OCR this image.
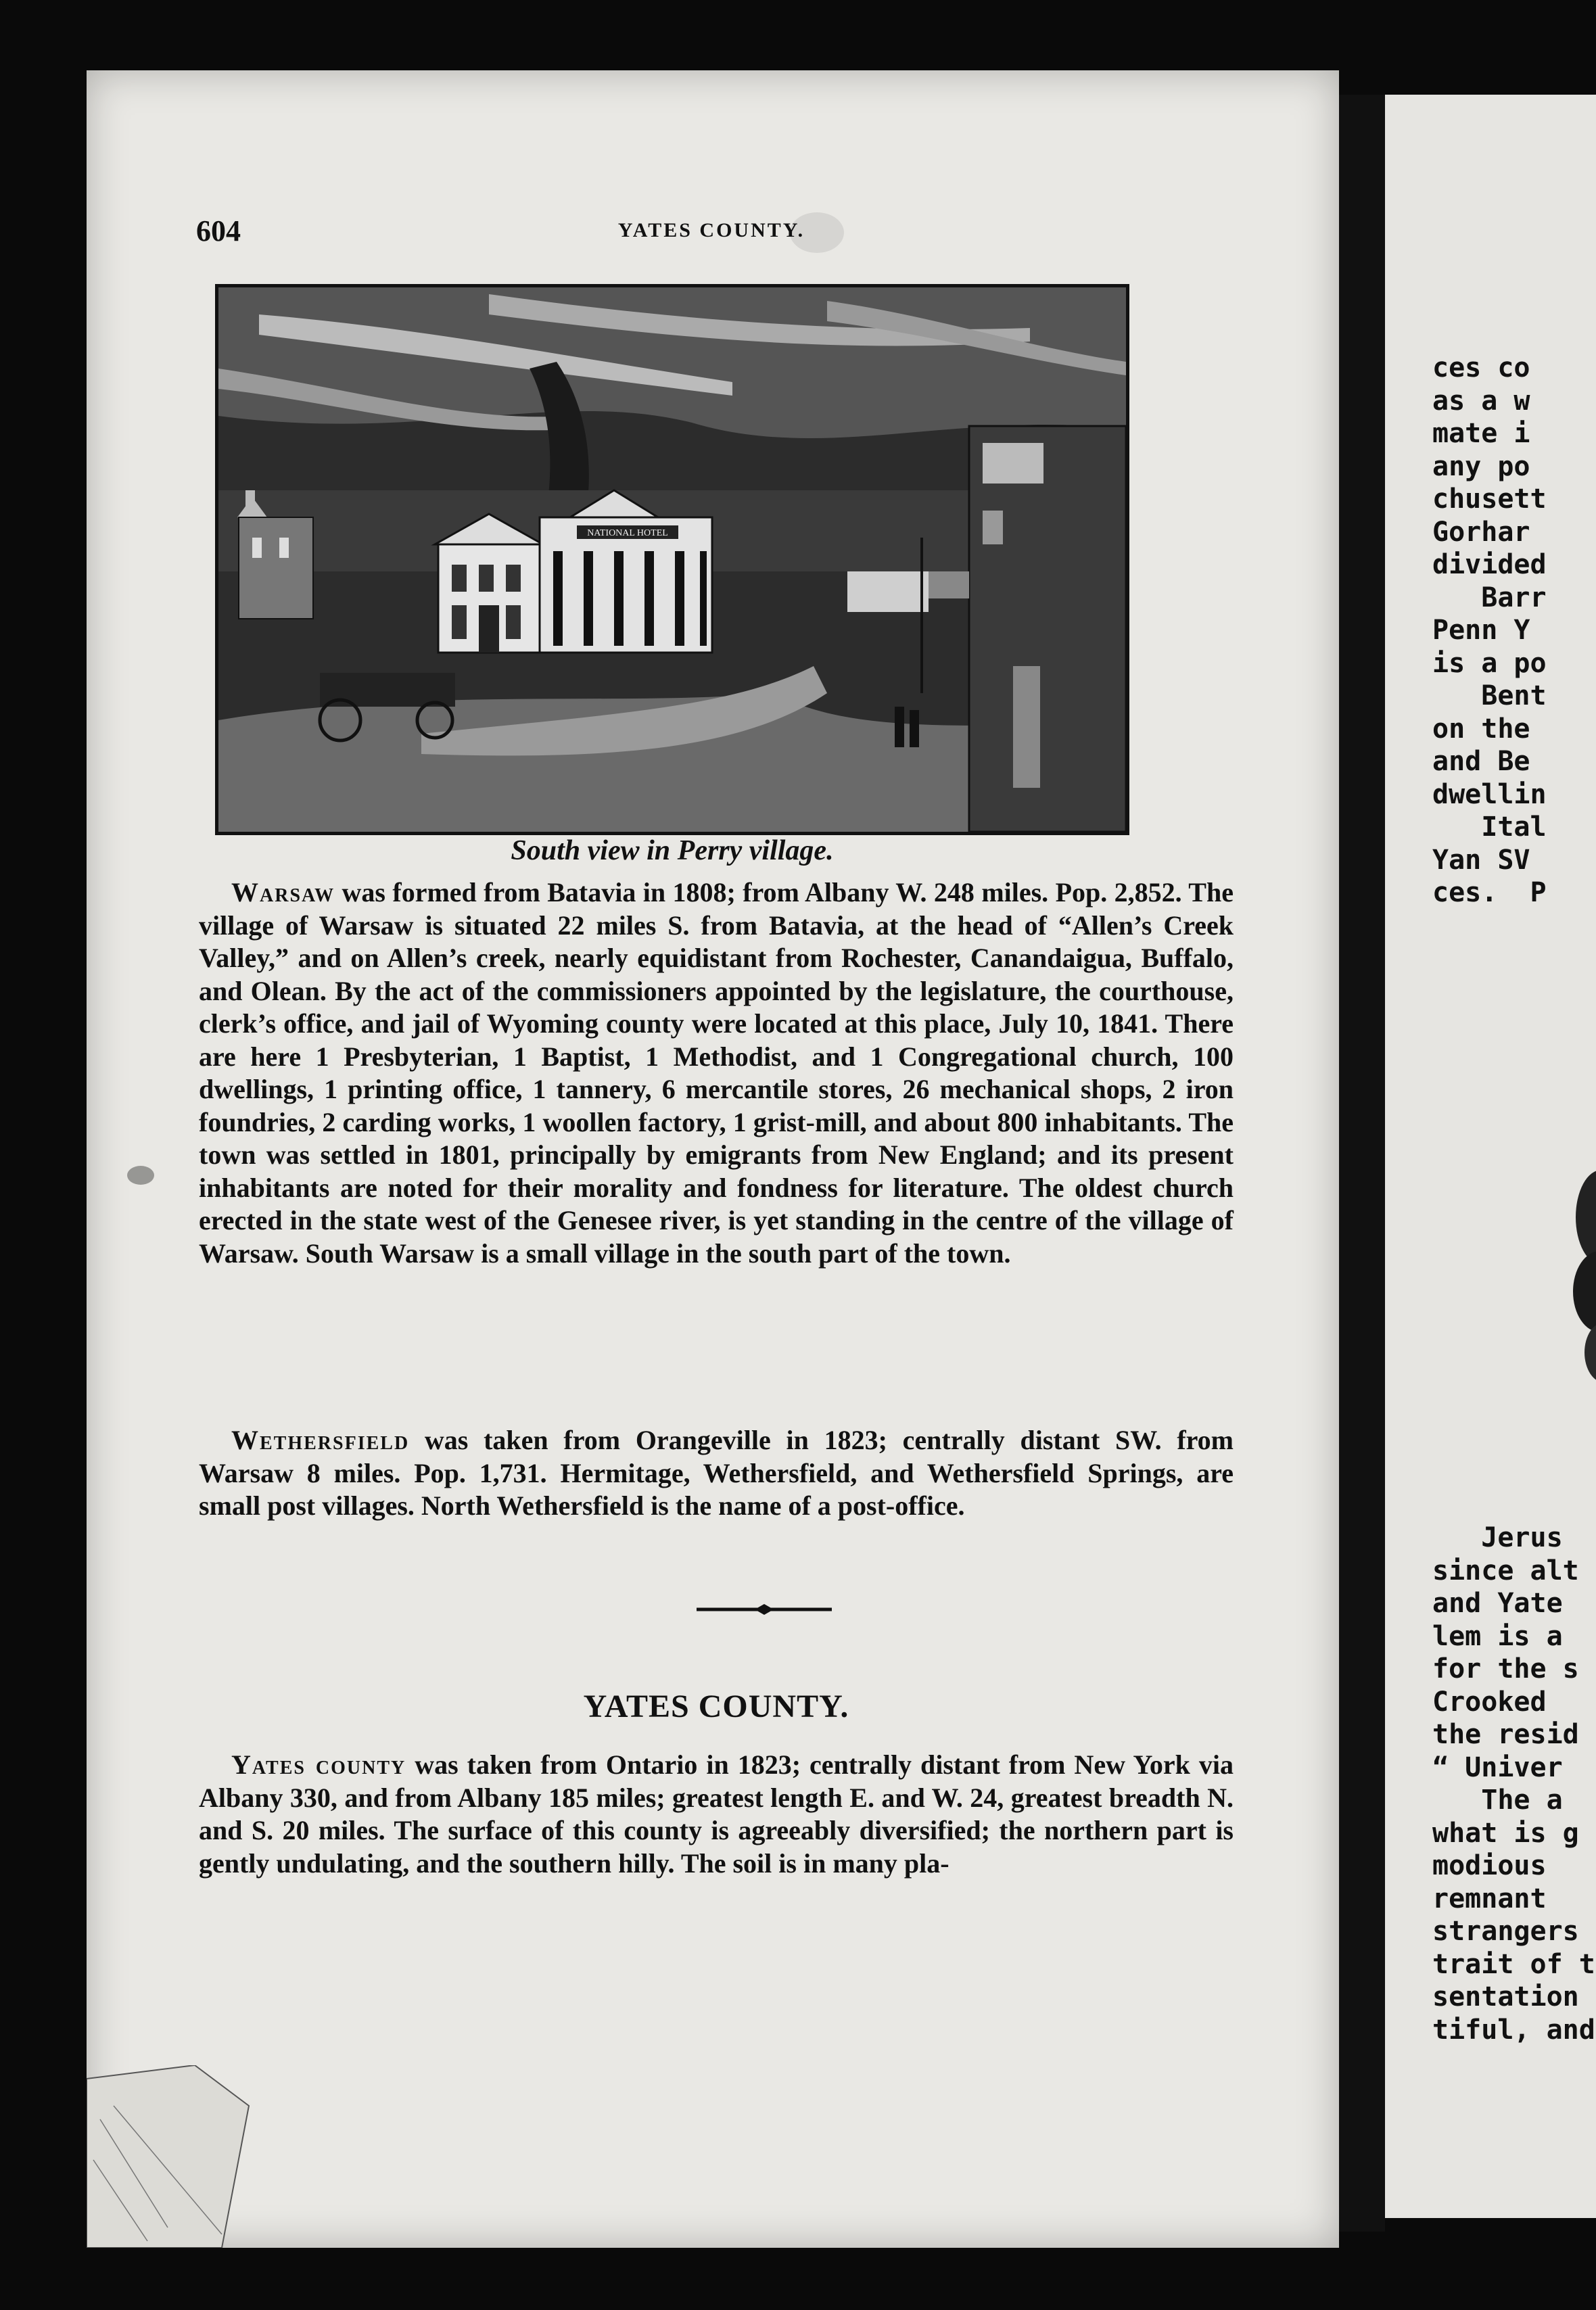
ces co
as a w
mate i
any po
chusett
Gorhar
divided
Barr
Penn Y
is a po
Bent
on the
and Be
dwellin
Ital
Yan SV
ces.  P
Jerus
since alt
and Yate
lem is a
for the s
Crooked
the resid
“ Univer
The a
what is g
modious
remnant
strangers
trait of t
sentation
tiful, and
604	YATES COUNTY.
NATIONAL HOTEL
South view in Perry village.

Warsaw was formed from Batavia in 1808; from Albany W. 248 miles. Pop. 2,852. The village of Warsaw is situated 22 miles S. from Batavia, at the head of “Allen’s Creek Valley,” and on Allen’s creek, nearly equidistant from Rochester, Canandaigua, Buffalo, and Olean. By the act of the commissioners appointed by the legislature, the courthouse, clerk’s office, and jail of Wyoming county were located at this place, July 10, 1841. There are here 1 Presbyterian, 1 Baptist, 1 Methodist, and 1 Congregational church, 100 dwellings, 1 printing office, 1 tannery, 6 mercantile stores, 26 mechanical shops, 2 iron foundries, 2 carding works, 1 woollen factory, 1 grist-mill, and about 800 inhabitants. The town was settled in 1801, principally by emigrants from New England; and its present inhabitants are noted for their morality and fondness for literature. The oldest church erected in the state west of the Genesee river, is yet standing in the centre of the village of Warsaw. South Warsaw is a small village in the south part of the town.

Wethersfield was taken from Orangeville in 1823; centrally distant SW. from Warsaw 8 miles. Pop. 1,731. Hermitage, Wethersfield, and Wethersfield Springs, are small post villages. North Wethersfield is the name of a post-office.

YATES COUNTY.

Yates county was taken from Ontario in 1823; centrally distant from New York via Albany 330, and from Albany 185 miles; greatest length E. and W. 24, greatest breadth N. and S. 20 miles. The surface of this county is agreeably diversified; the northern part is gently undulating, and the southern hilly. The soil is in many pla-
